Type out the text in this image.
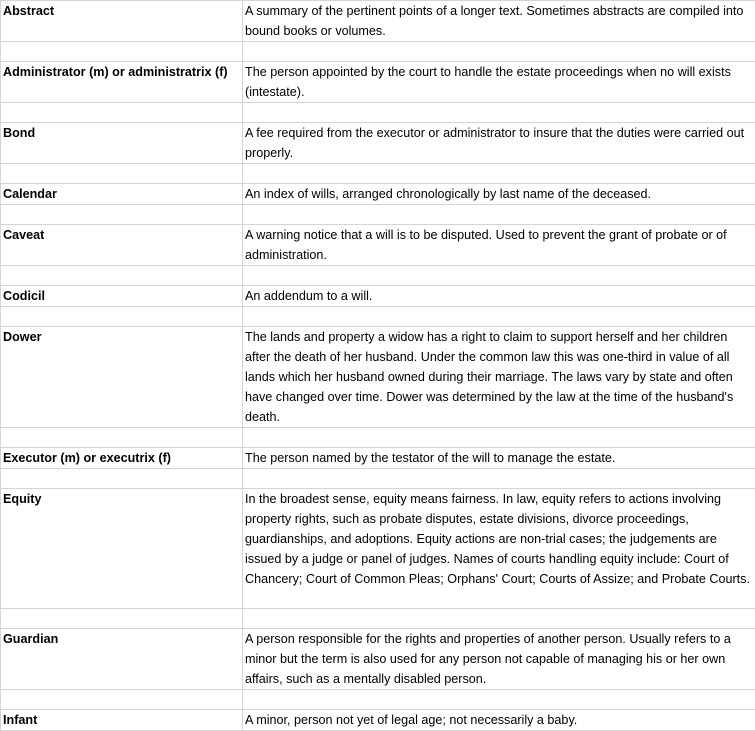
Abstract	A summary of the pertinent points of a longer text. Sometimes abstracts are compiled into bound books or volumes.

Administrator (m) or administratrix (f)	The person appointed by the court to handle the estate proceedings when no will exists (intestate).

Bond	A fee required from the executor or administrator to insure that the duties were carried out properly.

Calendar	An index of wills, arranged chronologically by last name of the deceased.

Caveat	A warning notice that a will is to be disputed. Used to prevent the grant of probate or of administration.

Codicil	An addendum to a will.

Dower	The lands and property a widow has a right to claim to support herself and her children after the death of her husband. Under the common law this was one-third in value of all lands which her husband owned during their marriage. The laws vary by state and often have changed over time. Dower was determined by the law at the time of the husband's death.

Executor (m) or executrix (f)	The person named by the testator of the will to manage the estate.

Equity	In the broadest sense, equity means fairness. In law, equity refers to actions involving property rights, such as probate disputes, estate divisions, divorce proceedings, guardianships, and adoptions. Equity actions are non-trial cases; the judgements are issued by a judge or panel of judges. Names of courts handling equity include: Court of Chancery; Court of Common Pleas; Orphans' Court; Courts of Assize; and Probate Courts.

Guardian	A person responsible for the rights and properties of another person. Usually refers to a minor but the term is also used for any person not capable of managing his or her own affairs, such as a mentally disabled person.

Infant	A minor, person not yet of legal age; not necessarily a baby.
